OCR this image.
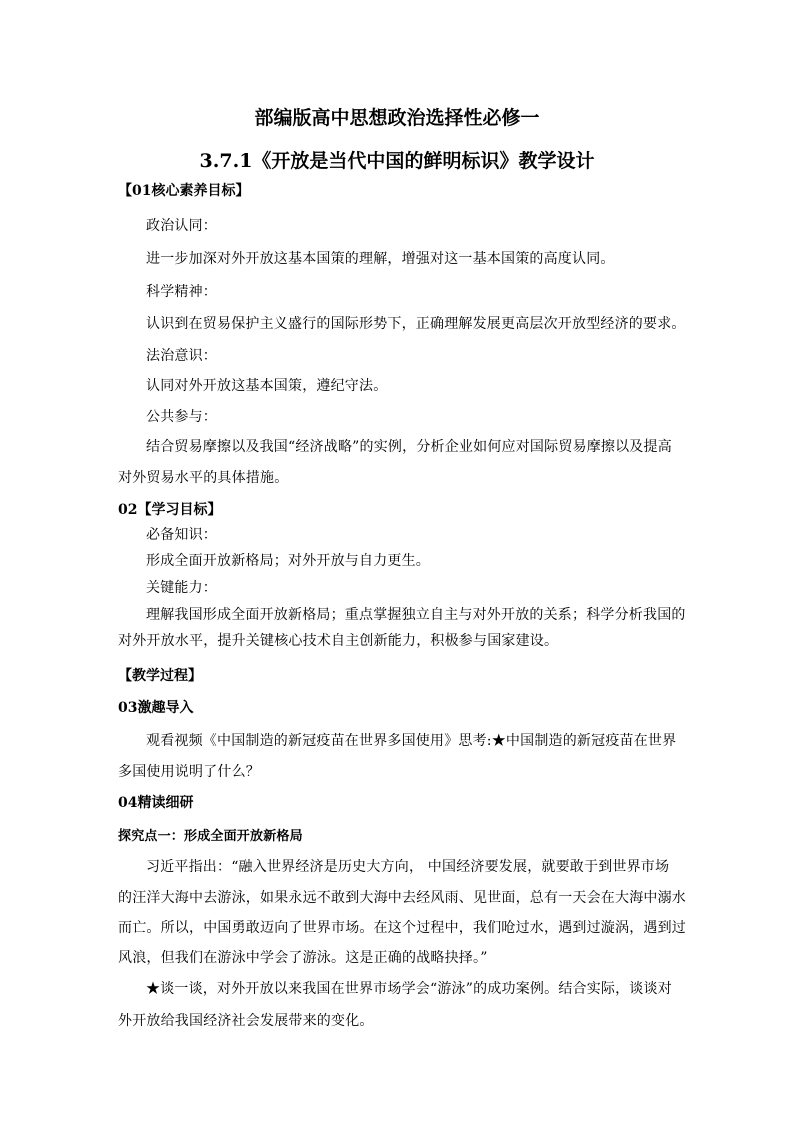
部编版高中思想政治选择性必修一
3.7.1《开放是当代中国的鲜明标识》教学设计
【01核心素养目标】
政治认同：
进一步加深对外开放这基本国策的理解，增强对这一基本国策的高度认同。
科学精神：
认识到在贸易保护主义盛行的国际形势下，正确理解发展更高层次开放型经济的要求。
法治意识：
认同对外开放这基本国策，遵纪守法。
公共参与：
结合贸易摩擦以及我国“经济战略”的实例，分析企业如何应对国际贸易摩擦以及提高
对外贸易水平的具体措施。
02【学习目标】
必备知识：
形成全面开放新格局；对外开放与自力更生。
关键能力：
理解我国形成全面开放新格局；重点掌握独立自主与对外开放的关系；科学分析我国的
对外开放水平，提升关键核心技术自主创新能力，积极参与国家建设。
【教学过程】
03激趣导入
观看视频《中国制造的新冠疫苗在世界多国使用》思考:★中国制造的新冠疫苗在世界
多国使用说明了什么？
04精读细研
探究点一：形成全面开放新格局
习近平指出：“融入世界经济是历史大方向， 中国经济要发展，就要敢于到世界市场
的汪洋大海中去游泳，如果永远不敢到大海中去经风雨、见世面，总有一天会在大海中溺水
而亡。所以，中国勇敢迈向了世界市场。在这个过程中，我们呛过水，遇到过漩涡，遇到过
风浪，但我们在游泳中学会了游泳。这是正确的战略抉择。”
★谈一谈，对外开放以来我国在世界市场学会“游泳”的成功案例。结合实际，谈谈对
外开放给我国经济社会发展带来的变化。
